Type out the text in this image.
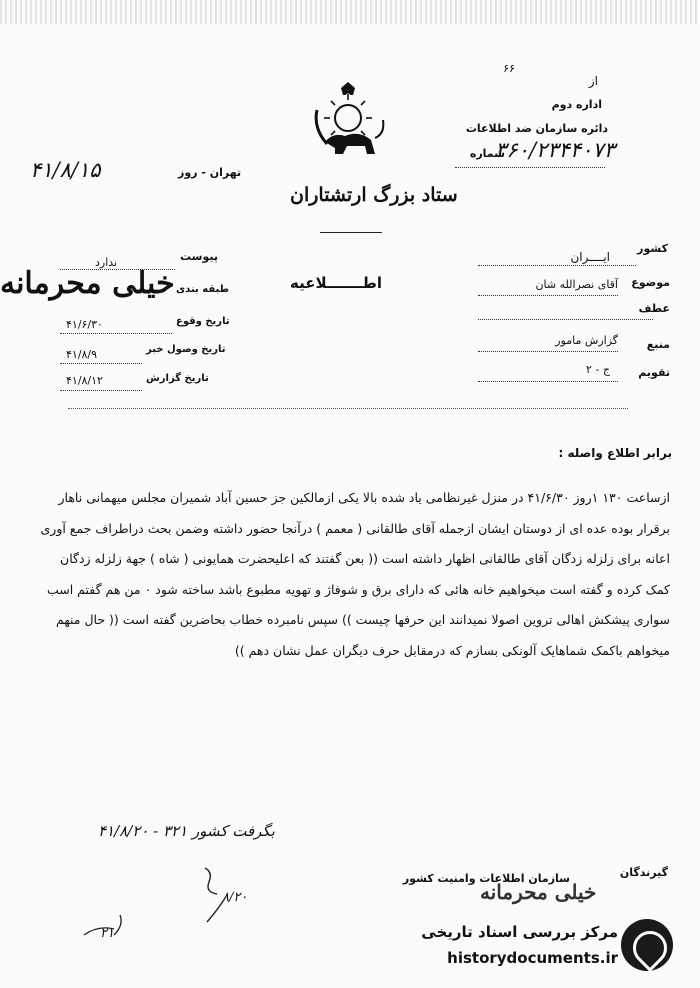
۶۶
از
اداره دوم
دائره سازمان ضد اطلاعات
شماره
۳۶۰/۲۳۴۴۰۷۳
تهران - روز
۴۱/۸/۱۵
ستاد بزرگ ارتشتاران
پیوست
ندارد
طبقه بندی
خیلی محرمانه
تاریخ وقوع
۴۱/۶/۳۰
تاریخ وصول خبر
۴۱/۸/۹
تاریخ گزارش
۴۱/۸/۱۲
اطـــــــلاعیه
کشور
ایــــران
موضوع
آقای نصرالله شان
عطف
منبع
گزارش مامور
تقویم
ج - ۲
برابر اطلاع واصله :
ازساعت ۱۳۰ ۱روز ۴۱/۶/۳۰ در منزل غیرنظامی یاد شده بالا یکی ازمالکین جز حسین آباد شمیران مجلس میهمانی ناهار
برقرار بوده عده ای از دوستان ایشان ازجمله آقای طالقانی ( معمم ) درآنجا حضور داشته وضمن بحث دراطراف جمع آوری
اعانه برای زلزله زدگان آقای طالقانی اظهار داشته است (( بعن گفتند که اعلیحضرت همایونی ( شاه ) جهة زلزله زدگان
کمک کرده و گفته است میخواهیم خانه هائی که دارای برق و شوفاژ و تهویه مطبوع باشد ساخته شود ۰ من هم گفتم اسب
سواری پیشکش اهالی تروین اصولا نمیدانند این حرفها چیست )) سپس نامبرده خطاب بحاضرین گفته است (( حال منهم
میخواهم باکمک شماهایک آلونکی بسازم که درمقابل حرف دیگران عمل نشان دهم ))
بگرفت کشور ۳۲۱ - ۴۱/۸/۲۰
گیرندگان
سازمان اطلاعات وامنیت کشور
خیلی محرمانه
۸/۲۰
۲۱	مرکز بررسی اسناد تاریخی
historydocuments.ir
